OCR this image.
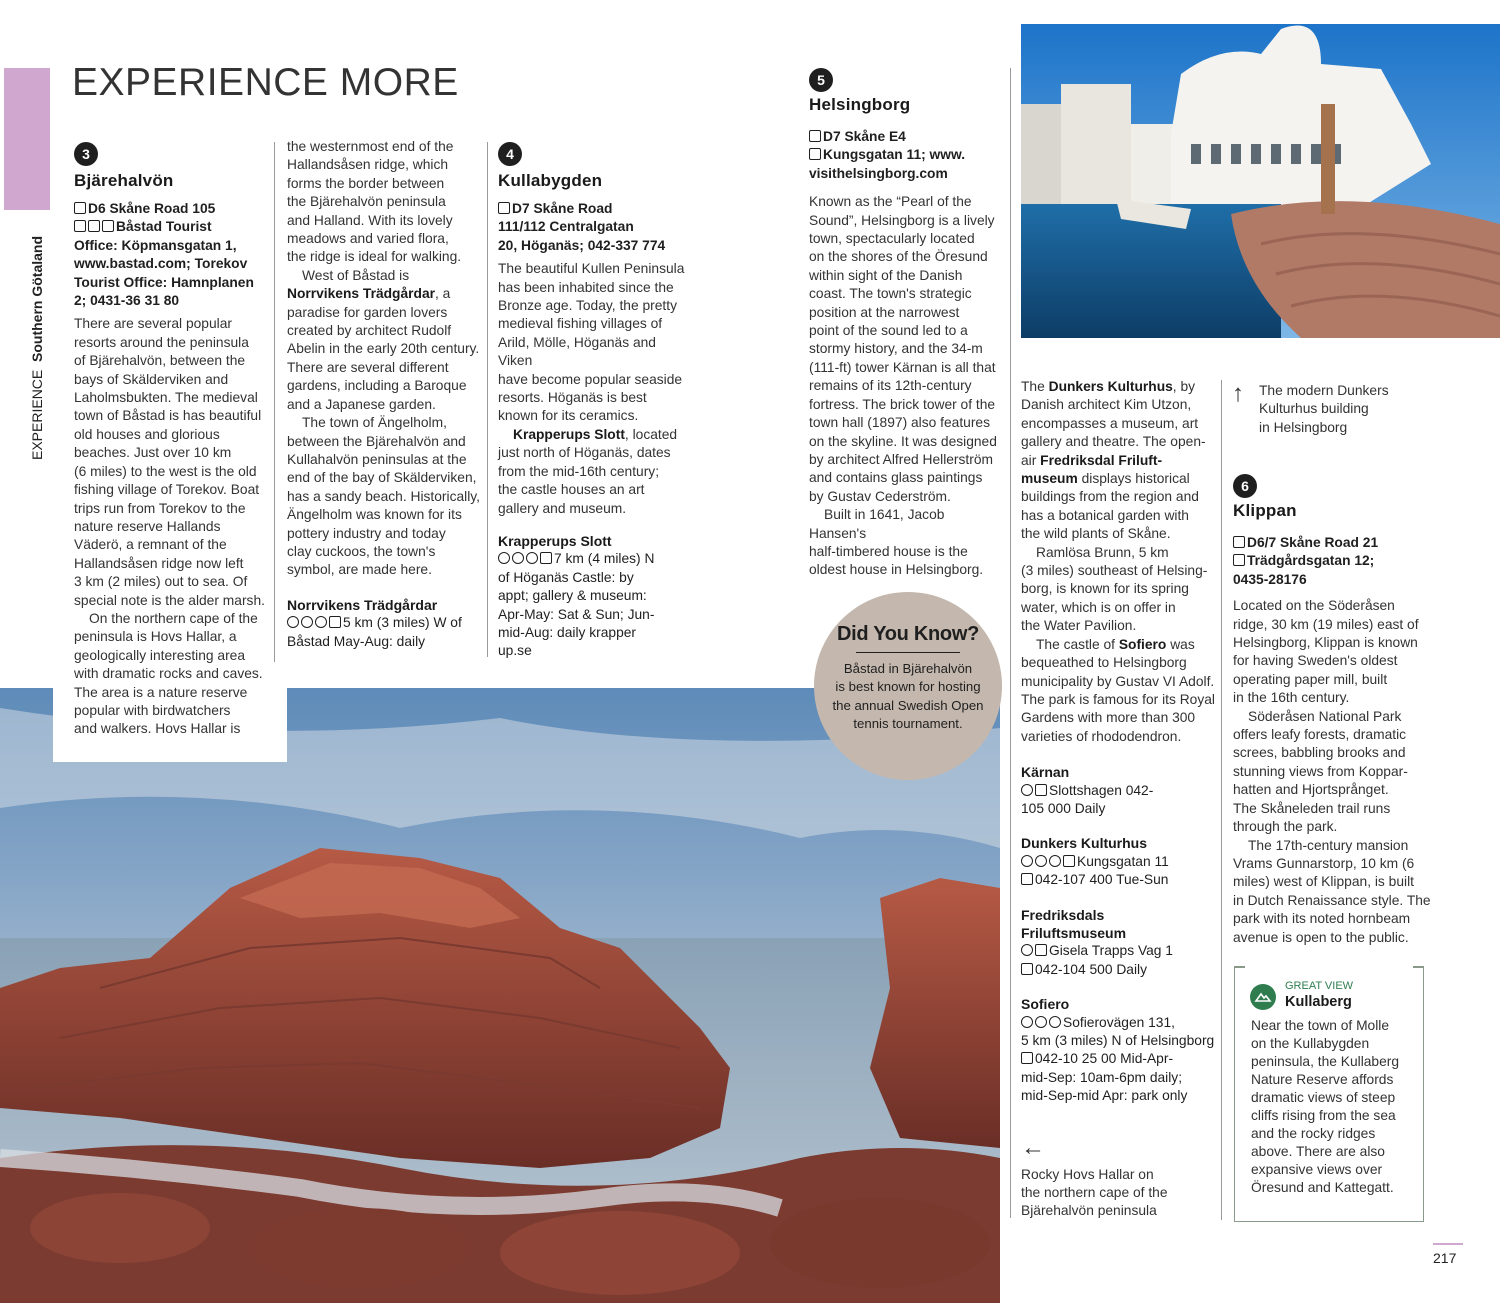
EXPERIENCE  Southern Götaland
EXPERIENCE MORE
3
Bjärehalvön
D6 Skåne Road 105
Båstad Tourist
Office: Köpmansgatan 1,
www.bastad.com; Torekov
Tourist Office: Hamnplanen
2; 0431-36 31 80
There are several popular
resorts around the peninsula
of Bjärehalvön, between the
bays of Skälderviken and
Laholmsbukten. The medieval
town of Båstad is has beautiful
old houses and glorious
beaches. Just over 10 km
(6 miles) to the west is the old
fishing village of Torekov. Boat
trips run from Torekov to the
nature reserve Hallands
Väderö, a remnant of the
Hallandsåsen ridge now left
3 km (2 miles) out to sea. Of
special note is the alder marsh.
On the northern cape of the
peninsula is Hovs Hallar, a
geologically interesting area
with dramatic rocks and caves.
The area is a nature reserve
popular with birdwatchers
and walkers. Hovs Hallar is
the westernmost end of the
Hallandsåsen ridge, which
forms the border between
the Bjärehalvön peninsula
and Halland. With its lovely
meadows and varied flora,
the ridge is ideal for walking.
West of Båstad is
Norrvikens Trädgårdar, a
paradise for garden lovers
created by architect Rudolf
Abelin in the early 20th century.
There are several different
gardens, including a Baroque
and a Japanese garden.
The town of Ängelholm,
between the Bjärehalvön and
Kullahalvön peninsulas at the
end of the bay of Skälderviken,
has a sandy beach. Historically,
Ängelholm was known for its
pottery industry and today
clay cuckoos, the town's
symbol, are made here.
Norrvikens Trädgårdar
5 km (3 miles) W of
Båstad May-Aug: daily
4
Kullabygden
D7 Skåne Road
111/112 Centralgatan
20, Höganäs; 042-337 774
The beautiful Kullen Peninsula
has been inhabited since the
Bronze age. Today, the pretty
medieval fishing villages of
Arild, Mölle, Höganäs and Viken
have become popular seaside
resorts. Höganäs is best
known for its ceramics.
Krapperups Slott, located
just north of Höganäs, dates
from the mid-16th century;
the castle houses an art
gallery and museum.
Krapperups Slott
7 km (4 miles) N
of Höganäs Castle: by
appt; gallery & museum:
Apr-May: Sat & Sun; Jun-
mid-Aug: daily krapper
up.se
5
Helsingborg
D7 Skåne E4
Kungsgatan 11; www.
visithelsingborg.com
Known as the “Pearl of the
Sound”, Helsingborg is a lively
town, spectacularly located
on the shores of the Öresund
within sight of the Danish
coast. The town's strategic
position at the narrowest
point of the sound led to a
stormy history, and the 34-m
(111-ft) tower Kärnan is all that
remains of its 12th-century
fortress. The brick tower of the
town hall (1897) also features
on the skyline. It was designed
by architect Alfred Hellerström
and contains glass paintings
by Gustav Cederström.
Built in 1641, Jacob Hansen's
half-timbered house is the
oldest house in Helsingborg.
↑ The modern Dunkers
Kulturhus building
in Helsingborg
The Dunkers Kulturhus, by
Danish architect Kim Utzon,
encompasses a museum, art
gallery and theatre. The open-
air Fredriksdal Friluft-
museum displays historical
buildings from the region and
has a botanical garden with
the wild plants of Skåne.
Ramlösa Brunn, 5 km
(3 miles) southeast of Helsing-
borg, is known for its spring
water, which is on offer in
the Water Pavilion.
The castle of Sofiero was
bequeathed to Helsingborg
municipality by Gustav VI Adolf.
The park is famous for its Royal
Gardens with more than 300
varieties of rhododendron.
Kärnan
Slottshagen 042-
105 000 Daily
Dunkers Kulturhus
Kungsgatan 11
042-107 400 Tue-Sun
Fredriksdals
Friluftsmuseum
Gisela Trapps Vag 1
042-104 500 Daily
Sofiero
Sofierovägen 131,
5 km (3 miles) N of Helsingborg
042-10 25 00 Mid-Apr-
mid-Sep: 10am-6pm daily;
mid-Sep-mid Apr: park only
←
Rocky Hovs Hallar on
the northern cape of the
Bjärehalvön peninsula
6
Klippan
D6/7 Skåne Road 21
Trädgårdsgatan 12;
0435-28176
Located on the Söderåsen
ridge, 30 km (19 miles) east of
Helsingborg, Klippan is known
for having Sweden's oldest
operating paper mill, built
in the 16th century.
Söderåsen National Park
offers leafy forests, dramatic
screes, babbling brooks and
stunning views from Koppar-
hatten and Hjortsprånget.
The Skåneleden trail runs
through the park.
The 17th-century mansion
Vrams Gunnarstorp, 10 km (6
miles) west of Klippan, is built
in Dutch Renaissance style. The
park with its noted hornbeam
avenue is open to the public.
GREAT VIEW
Kullaberg
Near the town of Molle
on the Kullabygden
peninsula, the Kullaberg
Nature Reserve affords
dramatic views of steep
cliffs rising from the sea
and the rocky ridges
above. There are also
expansive views over
Öresund and Kattegatt.
217
Did You Know?
Båstad in Bjärehalvön
is best known for hosting
the annual Swedish Open
tennis tournament.
